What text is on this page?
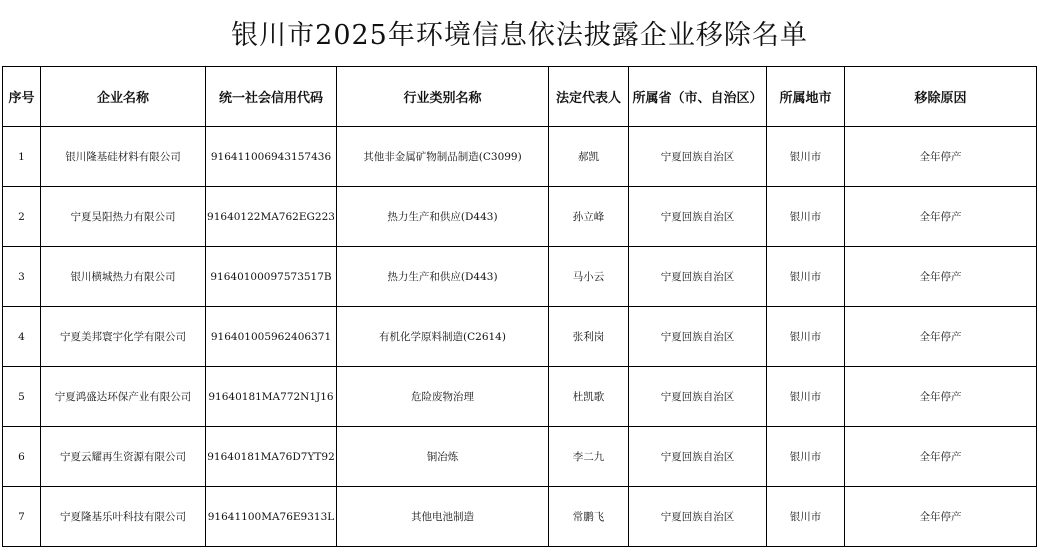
银川市2025年环境信息依法披露企业移除名单
序号	企业名称	统一社会信用代码	行业类别名称	法定代表人	所属省（市、自治区）	所属地市	移除原因
1	银川隆基硅材料有限公司	916411006943157436	其他非金属矿物制品制造(C3099)	郝凯	宁夏回族自治区	银川市	全年停产
2	宁夏昊阳热力有限公司	91640122MA762EG223	热力生产和供应(D443)	孙立峰	宁夏回族自治区	银川市	全年停产
3	银川横城热力有限公司	91640100097573517B	热力生产和供应(D443)	马小云	宁夏回族自治区	银川市	全年停产
4	宁夏美邦寰宇化学有限公司	916401005962406371	有机化学原料制造(C2614)	张利岗	宁夏回族自治区	银川市	全年停产
5	宁夏鸿盛达环保产业有限公司	91640181MA772N1J16	危险废物治理	杜凯歌	宁夏回族自治区	银川市	全年停产
6	宁夏云耀再生资源有限公司	91640181MA76D7YT92	铜冶炼	李二九	宁夏回族自治区	银川市	全年停产
7	宁夏隆基乐叶科技有限公司	91641100MA76E9313L	其他电池制造	常鹏飞	宁夏回族自治区	银川市	全年停产
